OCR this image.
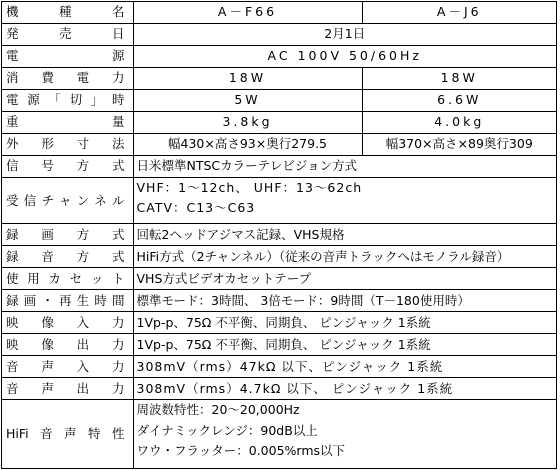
機種名	A－F66	A－J6
発売日	2月1日	
電源	AC 100V 50/60Hz	
消費電力	18W	18W
電源「切」時	5W	6.6W
重量	3.8kg	4.0kg
外形寸法	幅430×高さ93×奥行279.5	幅370×高さ×89奥行309
信号方式	日米標準NTSCカラーテレビジョン方式	
受信チャンネル	VHF：1～12ch、 UHF：13～62ch
CATV：C13～C63	

録画方式	回転2ヘッドアジマス記録、VHS規格	
録音方式	HiFi方式（2チャンネル）（従来の音声トラックへはモノラル録音）	
使用カセット	VHS方式ビデオカセットテープ	
録画・再生時間	標準モード：3時間、 3倍モード：9時間（T－180使用時）	
映像入力	1Vp-p、75Ω 不平衡、同期負、 ピンジャック 1系統	
映像出力	1Vp-p、75Ω 不平衡、同期負、 ピンジャック 1系統	
音声入力	308mV（rms）47kΩ 以下、ピンジャック 1系統	
音声出力	308mV（rms）4.7kΩ 以下、 ピンジャック 1系統	
HiFi音声特性	周波数特性：20～20,000Hz
ダイナミックレンジ：90dB以上
ワウ・フラッター：0.005%rms以下	
